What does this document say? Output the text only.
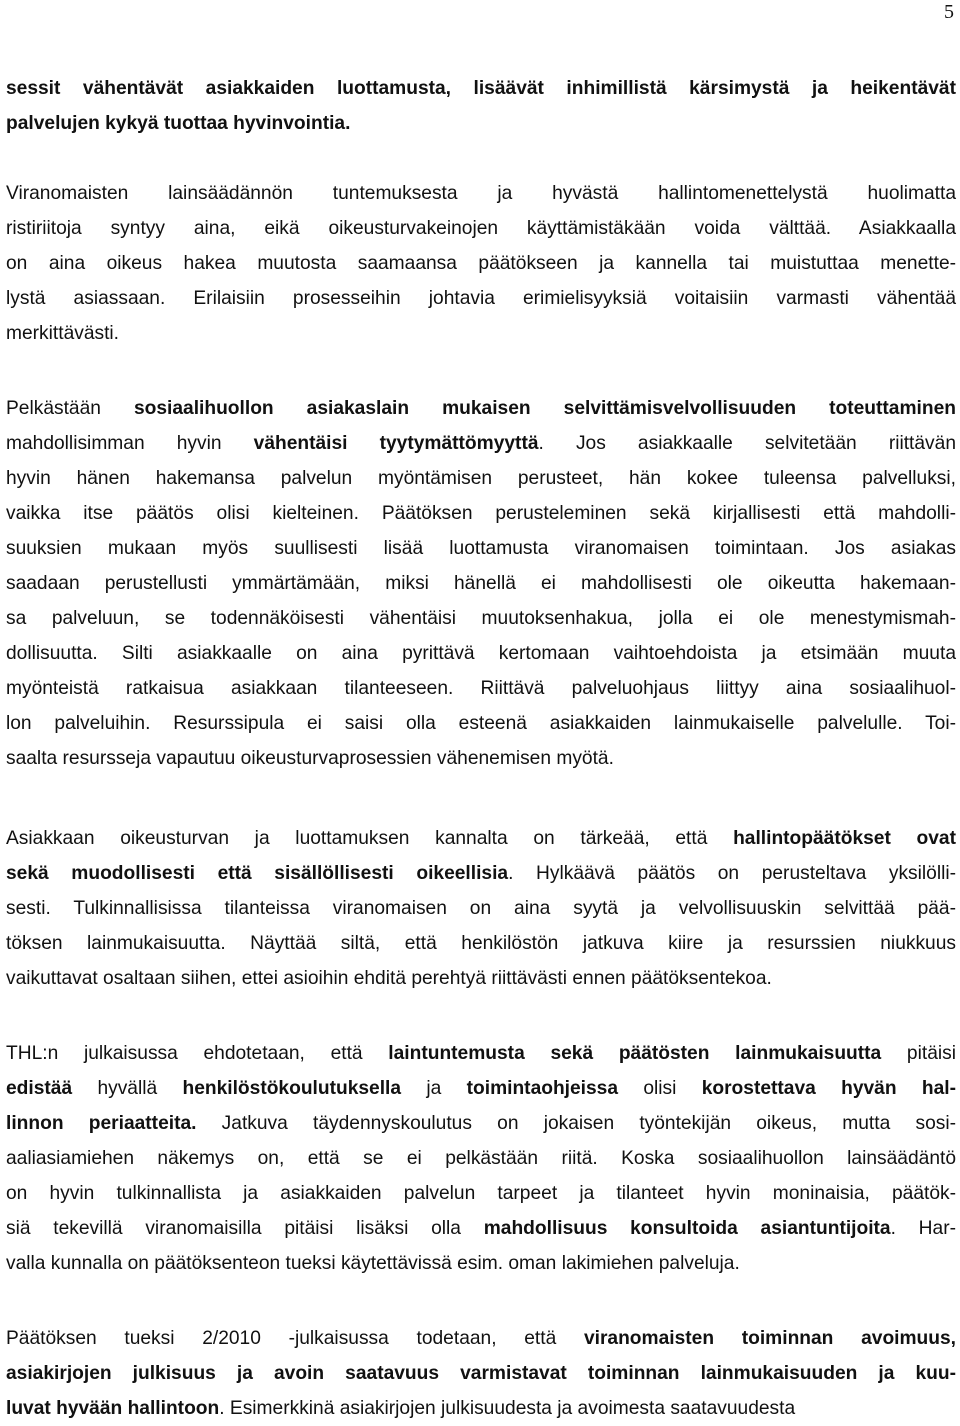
5
sessit vähentävät asiakkaiden luottamusta, lisäävät inhimillistä kärsimystä ja heikentävät
palvelujen kykyä tuottaa hyvinvointia.
Viranomaisten lainsäädännön tuntemuksesta ja hyvästä hallintomenettelystä huolimatta
ristiriitoja syntyy aina, eikä oikeusturvakeinojen käyttämistäkään voida välttää. Asiakkaalla
on aina oikeus hakea muutosta saamaansa päätökseen ja kannella tai muistuttaa menette-
lystä asiassaan. Erilaisiin prosesseihin johtavia erimielisyyksiä voitaisiin varmasti vähentää
merkittävästi.
Pelkästään sosiaalihuollon asiakaslain mukaisen selvittämisvelvollisuuden toteuttaminen
mahdollisimman hyvin vähentäisi tyytymättömyyttä. Jos asiakkaalle selvitetään riittävän
hyvin hänen hakemansa palvelun myöntämisen perusteet, hän kokee tuleensa palvelluksi,
vaikka itse päätös olisi kielteinen. Päätöksen perusteleminen sekä kirjallisesti että mahdolli-
suuksien mukaan myös suullisesti lisää luottamusta viranomaisen toimintaan. Jos asiakas
saadaan perustellusti ymmärtämään, miksi hänellä ei mahdollisesti ole oikeutta hakemaan-
sa palveluun, se todennäköisesti vähentäisi muutoksenhakua, jolla ei ole menestymismah-
dollisuutta. Silti asiakkaalle on aina pyrittävä kertomaan vaihtoehdoista ja etsimään muuta
myönteistä ratkaisua asiakkaan tilanteeseen. Riittävä palveluohjaus liittyy aina sosiaalihuol-
lon palveluihin. Resurssipula ei saisi olla esteenä asiakkaiden lainmukaiselle palvelulle. Toi-
saalta resursseja vapautuu oikeusturvaprosessien vähenemisen myötä.
Asiakkaan oikeusturvan ja luottamuksen kannalta on tärkeää, että hallintopäätökset ovat
sekä muodollisesti että sisällöllisesti oikeellisia. Hylkäävä päätös on perusteltava yksilölli-
sesti. Tulkinnallisissa tilanteissa viranomaisen on aina syytä ja velvollisuuskin selvittää pää-
töksen lainmukaisuutta. Näyttää siltä, että henkilöstön jatkuva kiire ja resurssien niukkuus
vaikuttavat osaltaan siihen, ettei asioihin ehditä perehtyä riittävästi ennen päätöksentekoa.
THL:n julkaisussa ehdotetaan, että laintuntemusta sekä päätösten lainmukaisuutta pitäisi
edistää hyvällä henkilöstökoulutuksella ja toimintaohjeissa olisi korostettava hyvän hal-
linnon periaatteita. Jatkuva täydennyskoulutus on jokaisen työntekijän oikeus, mutta sosi-
aaliasiamiehen näkemys on, että se ei pelkästään riitä. Koska sosiaalihuollon lainsäädäntö
on hyvin tulkinnallista ja asiakkaiden palvelun tarpeet ja tilanteet hyvin moninaisia, päätök-
siä tekevillä viranomaisilla pitäisi lisäksi olla mahdollisuus konsultoida asiantuntijoita. Har-
valla kunnalla on päätöksenteon tueksi käytettävissä esim. oman lakimiehen palveluja.
Päätöksen tueksi 2/2010 -julkaisussa todetaan, että viranomaisten toiminnan avoimuus,
asiakirjojen julkisuus ja avoin saatavuus varmistavat toiminnan lainmukaisuuden ja kuu-
luvat hyvään hallintoon. Esimerkkinä asiakirjojen julkisuudesta ja avoimesta saatavuudesta
